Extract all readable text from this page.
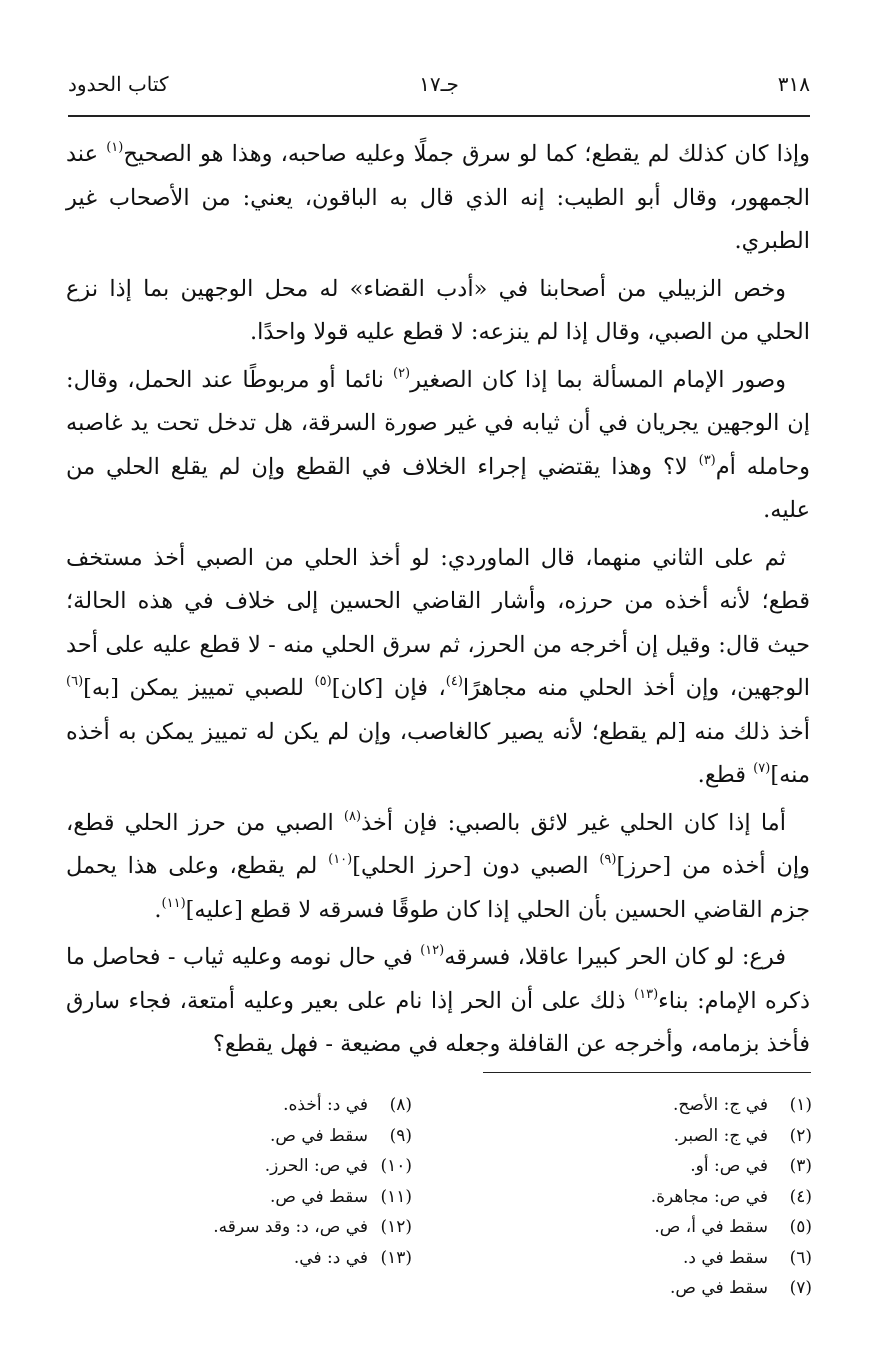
٣١٨
جـ١٧
كتاب الحدود

وإذا كان كذلك لم يقطع؛ كما لو سرق جملًا وعليه صاحبه، وهذا هو الصحيح$^{(١)}$ عند الجمهور، وقال أبو الطيب: إنه الذي قال به الباقون، يعني: من الأصحاب غير الطبري.

وخص الزبيلي من أصحابنا في «أدب القضاء» له محل الوجهين بما إذا نزع الحلي من الصبي، وقال إذا لم ينزعه: لا قطع عليه قولا واحدًا.

وصور الإمام المسألة بما إذا كان الصغير$^{(٢)}$ نائما أو مربوطًا عند الحمل، وقال: إن الوجهين يجريان في أن ثيابه في غير صورة السرقة، هل تدخل تحت يد غاصبه وحامله أم$^{(٣)}$ لا؟ وهذا يقتضي إجراء الخلاف في القطع وإن لم يقلع الحلي من عليه.

ثم على الثاني منهما، قال الماوردي: لو أخذ الحلي من الصبي أخذ مستخف قطع؛ لأنه أخذه من حرزه، وأشار القاضي الحسين إلى خلاف في هذه الحالة؛ حيث قال: وقيل إن أخرجه من الحرز، ثم سرق الحلي منه - لا قطع عليه على أحد الوجهين، وإن أخذ الحلي منه مجاهرًا$^{(٤)}$، فإن [كان]$^{(٥)}$ للصبي تمييز يمكن [به]$^{(٦)}$ أخذ ذلك منه [لم يقطع؛ لأنه يصير كالغاصب، وإن لم يكن له تمييز يمكن به أخذه منه]$^{(٧)}$ قطع.

أما إذا كان الحلي غير لائق بالصبي: فإن أخذ$^{(٨)}$ الصبي من حرز الحلي قطع، وإن أخذه من [حرز]$^{(٩)}$ الصبي دون [حرز الحلي]$^{(١٠)}$ لم يقطع، وعلى هذا يحمل جزم القاضي الحسين بأن الحلي إذا كان طوقًا فسرقه لا قطع [عليه]$^{(١١)}$.

فرع: لو كان الحر كبيرا عاقلا، فسرقه$^{(١٢)}$ في حال نومه وعليه ثياب - فحاصل ما ذكره الإمام: بناء$^{(١٣)}$ ذلك على أن الحر إذا نام على بعير وعليه أمتعة، فجاء سارق فأخذ بزمامه، وأخرجه عن القافلة وجعله في مضيعة - فهل يقطع؟

(١)في ج: الأصح.
(٢)في ج: الصبر.
(٣)في ص: أو.
(٤)في ص: مجاهرة.
(٥)سقط في أ، ص.
(٦)سقط في د.
(٧)سقط في ص.
(٨)في د: أخذه.
(٩)سقط في ص.
(١٠)في ص: الحرز.
(١١)سقط في ص.
(١٢)في ص، د: وقد سرقه.
(١٣)في د: في.
